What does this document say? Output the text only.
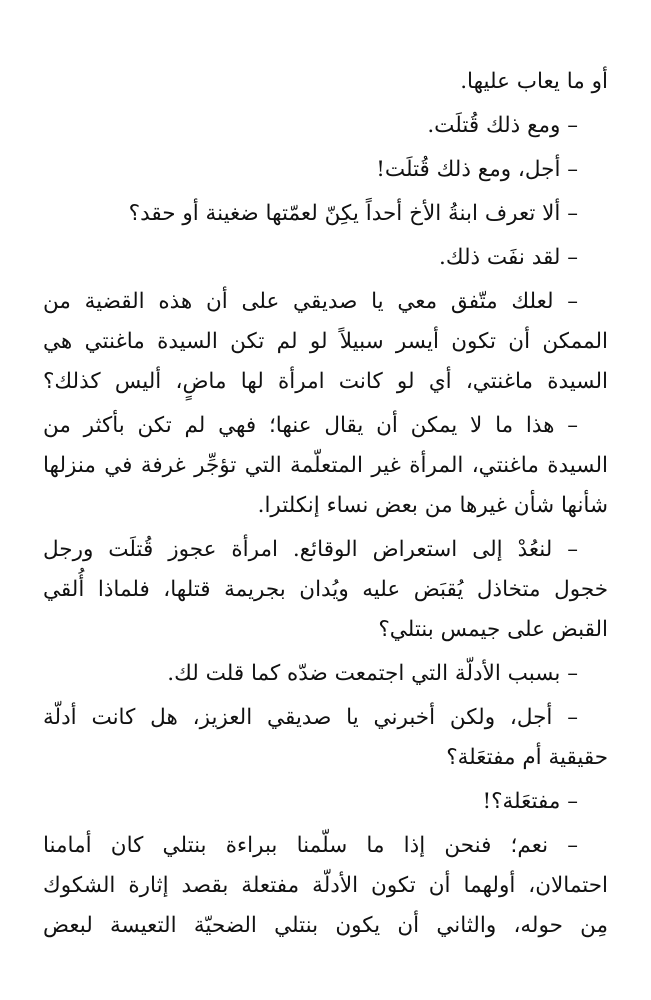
أو ما يعاب عليها.
– ومع ذلك قُتلَت.
– أجل، ومع ذلك قُتلَت!
– ألا تعرف ابنةُ الأخ أحداً يكِنّ لعمّتها ضغينة أو حقد؟
– لقد نفَت ذلك.
– لعلك متّفق معي يا صديقي على أن هذه القضية من
الممكن أن تكون أيسر سبيلاً لو لم تكن السيدة ماغنتي هي
السيدة ماغنتي، أي لو كانت امرأة لها ماضٍ، أليس كذلك؟
– هذا ما لا يمكن أن يقال عنها؛ فهي لم تكن بأكثر من
السيدة ماغنتي، المرأة غير المتعلّمة التي تؤجِّر غرفة في منزلها
شأنها شأن غيرها من بعض نساء إنكلترا.
– لنعُدْ إلى استعراض الوقائع. امرأة عجوز قُتلَت ورجل
خجول متخاذل يُقبَض عليه ويُدان بجريمة قتلها، فلماذا أُلقي
القبض على جيمس بنتلي؟
– بسبب الأدلّة التي اجتمعت ضدّه كما قلت لك.
– أجل، ولكن أخبرني يا صديقي العزيز، هل كانت أدلّة
حقيقية أم مفتعَلة؟
– مفتعَلة؟!
– نعم؛ فنحن إذا ما سلّمنا ببراءة بنتلي كان أمامنا
احتمالان، أولهما أن تكون الأدلّة مفتعلة بقصد إثارة الشكوك
مِن حوله، والثاني أن يكون بنتلي الضحيّة التعيسة لبعض
